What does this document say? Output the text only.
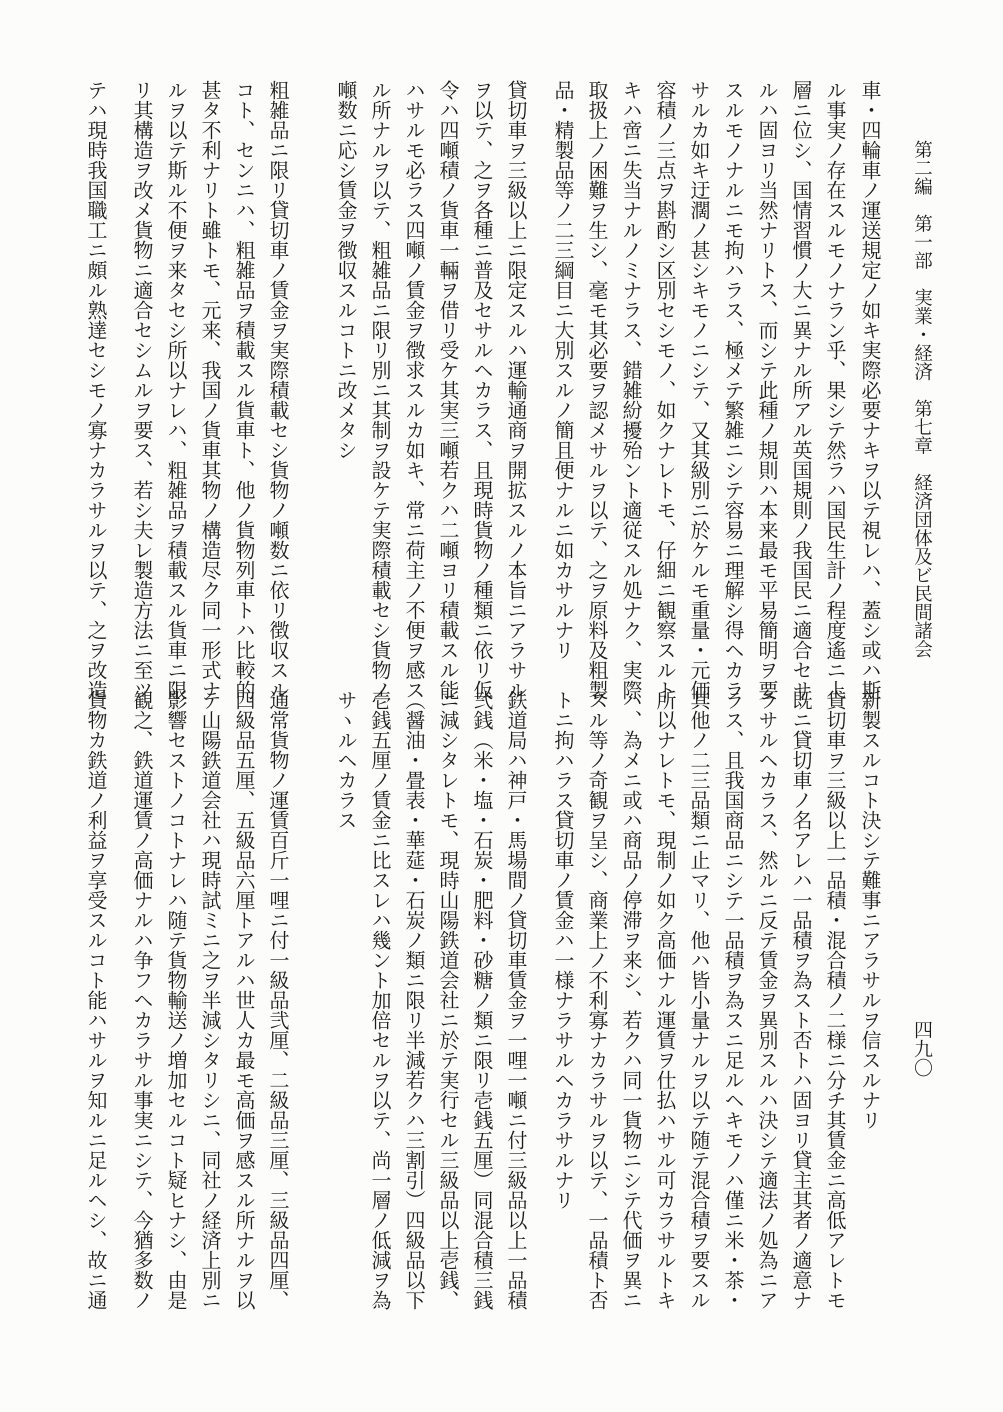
第二編　第一部　実業・経済　第七章　経済団体及ビ民間諸会
四九〇
車・四輪車ノ運送規定ノ如キ実際必要ナキヲ以テ視レハ、蓋シ或ハ斯
ル事実ノ存在スルモノナラン乎、果シテ然ラハ国民生計ノ程度遙ニ上
層ニ位シ、国情習慣ノ大ニ異ナル所アル英国規則ノ我国民ニ適合セサ
ルハ固ヨリ当然ナリトス、而シテ此種ノ規則ハ本来最モ平易簡明ヲ要
スルモノナルニモ拘ハラス、極メテ繁雑ニシテ容易ニ理解シ得ヘカラ
サルカ如キ迂濶ノ甚シキモノニシテ、又其級別ニ於ケルモ重量・元価
容積ノ三点ヲ斟酌シ区別セシモノ、如クナレトモ、仔細ニ観察スルト
キハ啻ニ失当ナルノミナラス、錯雑紛擾殆ント適従スル処ナク、実際
取扱上ノ困難ヲ生シ、毫モ其必要ヲ認メサルヲ以テ、之ヲ原料及粗製
品・精製品等ノ二三綱目ニ大別スルノ簡且便ナルニ如カサルナリ
貸切車ヲ三級以上ニ限定スルハ運輸通商ヲ開拡スルノ本旨ニアラサル
ヲ以テ、之ヲ各種ニ普及セサルヘカラス、且現時貨物ノ種類ニ依リ仮
令ハ四噸積ノ貨車一輛ヲ借リ受ケ其実三噸若クハ二噸ヨリ積載スル能
ハサルモ必ラス四噸ノ賃金ヲ徴求スルカ如キ、常ニ荷主ノ不便ヲ感ス
ル所ナルヲ以テ、粗雑品ニ限リ別ニ其制ヲ設ケテ実際積載セシ貨物ノ
噸数ニ応シ賃金ヲ徴収スルコトニ改メタシ
粗雑品ニ限リ貸切車ノ賃金ヲ実際積載セシ貨物ノ噸数ニ依リ徴収スル
コト、センニハ、粗雑品ヲ積載スル貨車ト、他ノ貨物列車トハ比較的
甚タ不利ナリト雖トモ、元来、我国ノ貨車其物ノ構造尽ク同一形式ナ
ルヲ以テ斯ル不便ヲ来タセシ所以ナレハ、粗雑品ヲ積載スル貨車ニ限
リ其構造ヲ改メ貨物ニ適合セシムルヲ要ス、若シ夫レ製造方法ニ至ツ
テハ現時我国職工ニ頗ル熟達セシモノ寡ナカラサルヲ以テ、之ヲ改造
新製スルコト決シテ難事ニアラサルヲ信スルナリ
貸切車ヲ三級以上一品積・混合積ノ二様ニ分チ其賃金ニ高低アレトモ
既ニ貸切車ノ名アレハ一品積ヲ為スト否トハ固ヨリ貸主其者ノ適意ナ
ラサルヘカラス、然ルニ反テ賃金ヲ異別スルハ決シテ適法ノ処為ニア
ラス、且我国商品ニシテ一品積ヲ為スニ足ルヘキモノハ僅ニ米・茶・
其他ノ二三品類ニ止マリ、他ハ皆小量ナルヲ以テ随テ混合積ヲ要スル
所以ナレトモ、現制ノ如ク高価ナル運賃ヲ仕払ハサル可カラサルトキ
ハ、為メニ或ハ商品ノ停滞ヲ来シ、若クハ同一貨物ニシテ代価ヲ異ニ
スル等ノ奇観ヲ呈シ、商業上ノ不利寡ナカラサルヲ以テ、一品積ト否
トニ拘ハラス貸切車ノ賃金ハ一様ナラサルヘカラサルナリ
鉄道局ハ神戸・馬場間ノ貸切車賃金ヲ一哩一噸ニ付三級品以上一品積
弐銭（米・塩・石炭・肥料・砂糖ノ類ニ限リ壱銭五厘）同混合積三銭
ニ減シタレトモ、現時山陽鉄道会社ニ於テ実行セル三級品以上壱銭、
（醤油・畳表・華莚・石炭ノ類ニ限リ半減若クハ三割引）四級品以下
壱銭五厘ノ賃金ニ比スレハ幾ント加倍セルヲ以テ、尚一層ノ低減ヲ為
サヽルヘカラス
通常貨物ノ運賃百斤一哩ニ付一級品弐厘、二級品三厘、三級品四厘、
四級品五厘、五級品六厘トアルハ世人カ最モ高価ヲ感スル所ナルヲ以
テ山陽鉄道会社ハ現時試ミニ之ヲ半減シタリシニ、同社ノ経済上別ニ
影響セストノコトナレハ随テ貨物輸送ノ増加セルコト疑ヒナシ、由是
観之、鉄道運賃ノ高価ナルハ争フヘカラサル事実ニシテ、今猶多数ノ
貨物カ鉄道ノ利益ヲ享受スルコト能ハサルヲ知ルニ足ルヘシ、故ニ通
